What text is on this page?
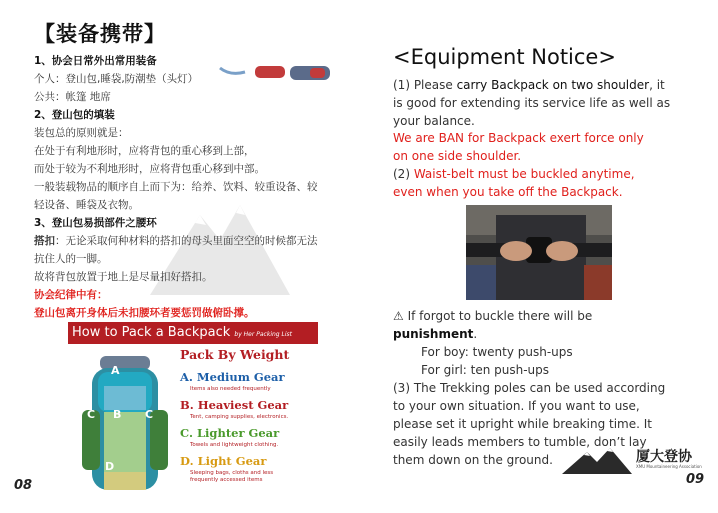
【装备携带】
1、协会日常外出常用装备
个人：登山包,睡袋,防潮垫（头灯）
公共：帐篷 地席
2、登山包的填装
装包总的原则就是：
在处于有利地形时，应将背包的重心移到上部，
而处于较为不利地形时，应将背包重心移到中部。
一般装载物品的顺序自上而下为：给养、饮料、较重设备、较
轻设备、睡袋及衣物。
3、登山包易损部件之腰环
搭扣：无论采取何种材料的搭扣的母头里面空空的时候都无法
抗住人的一脚。
故将背包放置于地上是尽量扣好搭扣。
协会纪律中有：
登山包离开身体后未扣腰环者要惩罚做俯卧撑。
How to Pack a Backpack by Her Packing List
A
B
C	C
D
Pack By Weight
A. Medium Gear
Items also needed frequently
B. Heaviest Gear
Tent, camping supplies, electronics.
C. Lighter Gear
Towels and lightweight clothing.
D. Light Gear
Sleeping bags, cloths and less
frequently accessed items
08
<Equipment Notice>
(1) Please carry Backpack on two shoulder, it
is good for extending its service life as well as
your balance.
We are BAN for Backpack exert force only
on one side shoulder.
(2) Waist-belt must be buckled anytime,
even when you take off the Backpack.
⚠ If forgot to buckle there will be
punishment.
For boy: twenty push-ups
For girl: ten push-ups
(3) The Trekking poles can be used according
to your own situation. If you want to use,
please set it upright while breaking time. It
easily leads members to tumble, don’t lay
them down on the ground.	厦大登协
XMU Mountaineering Association
09
